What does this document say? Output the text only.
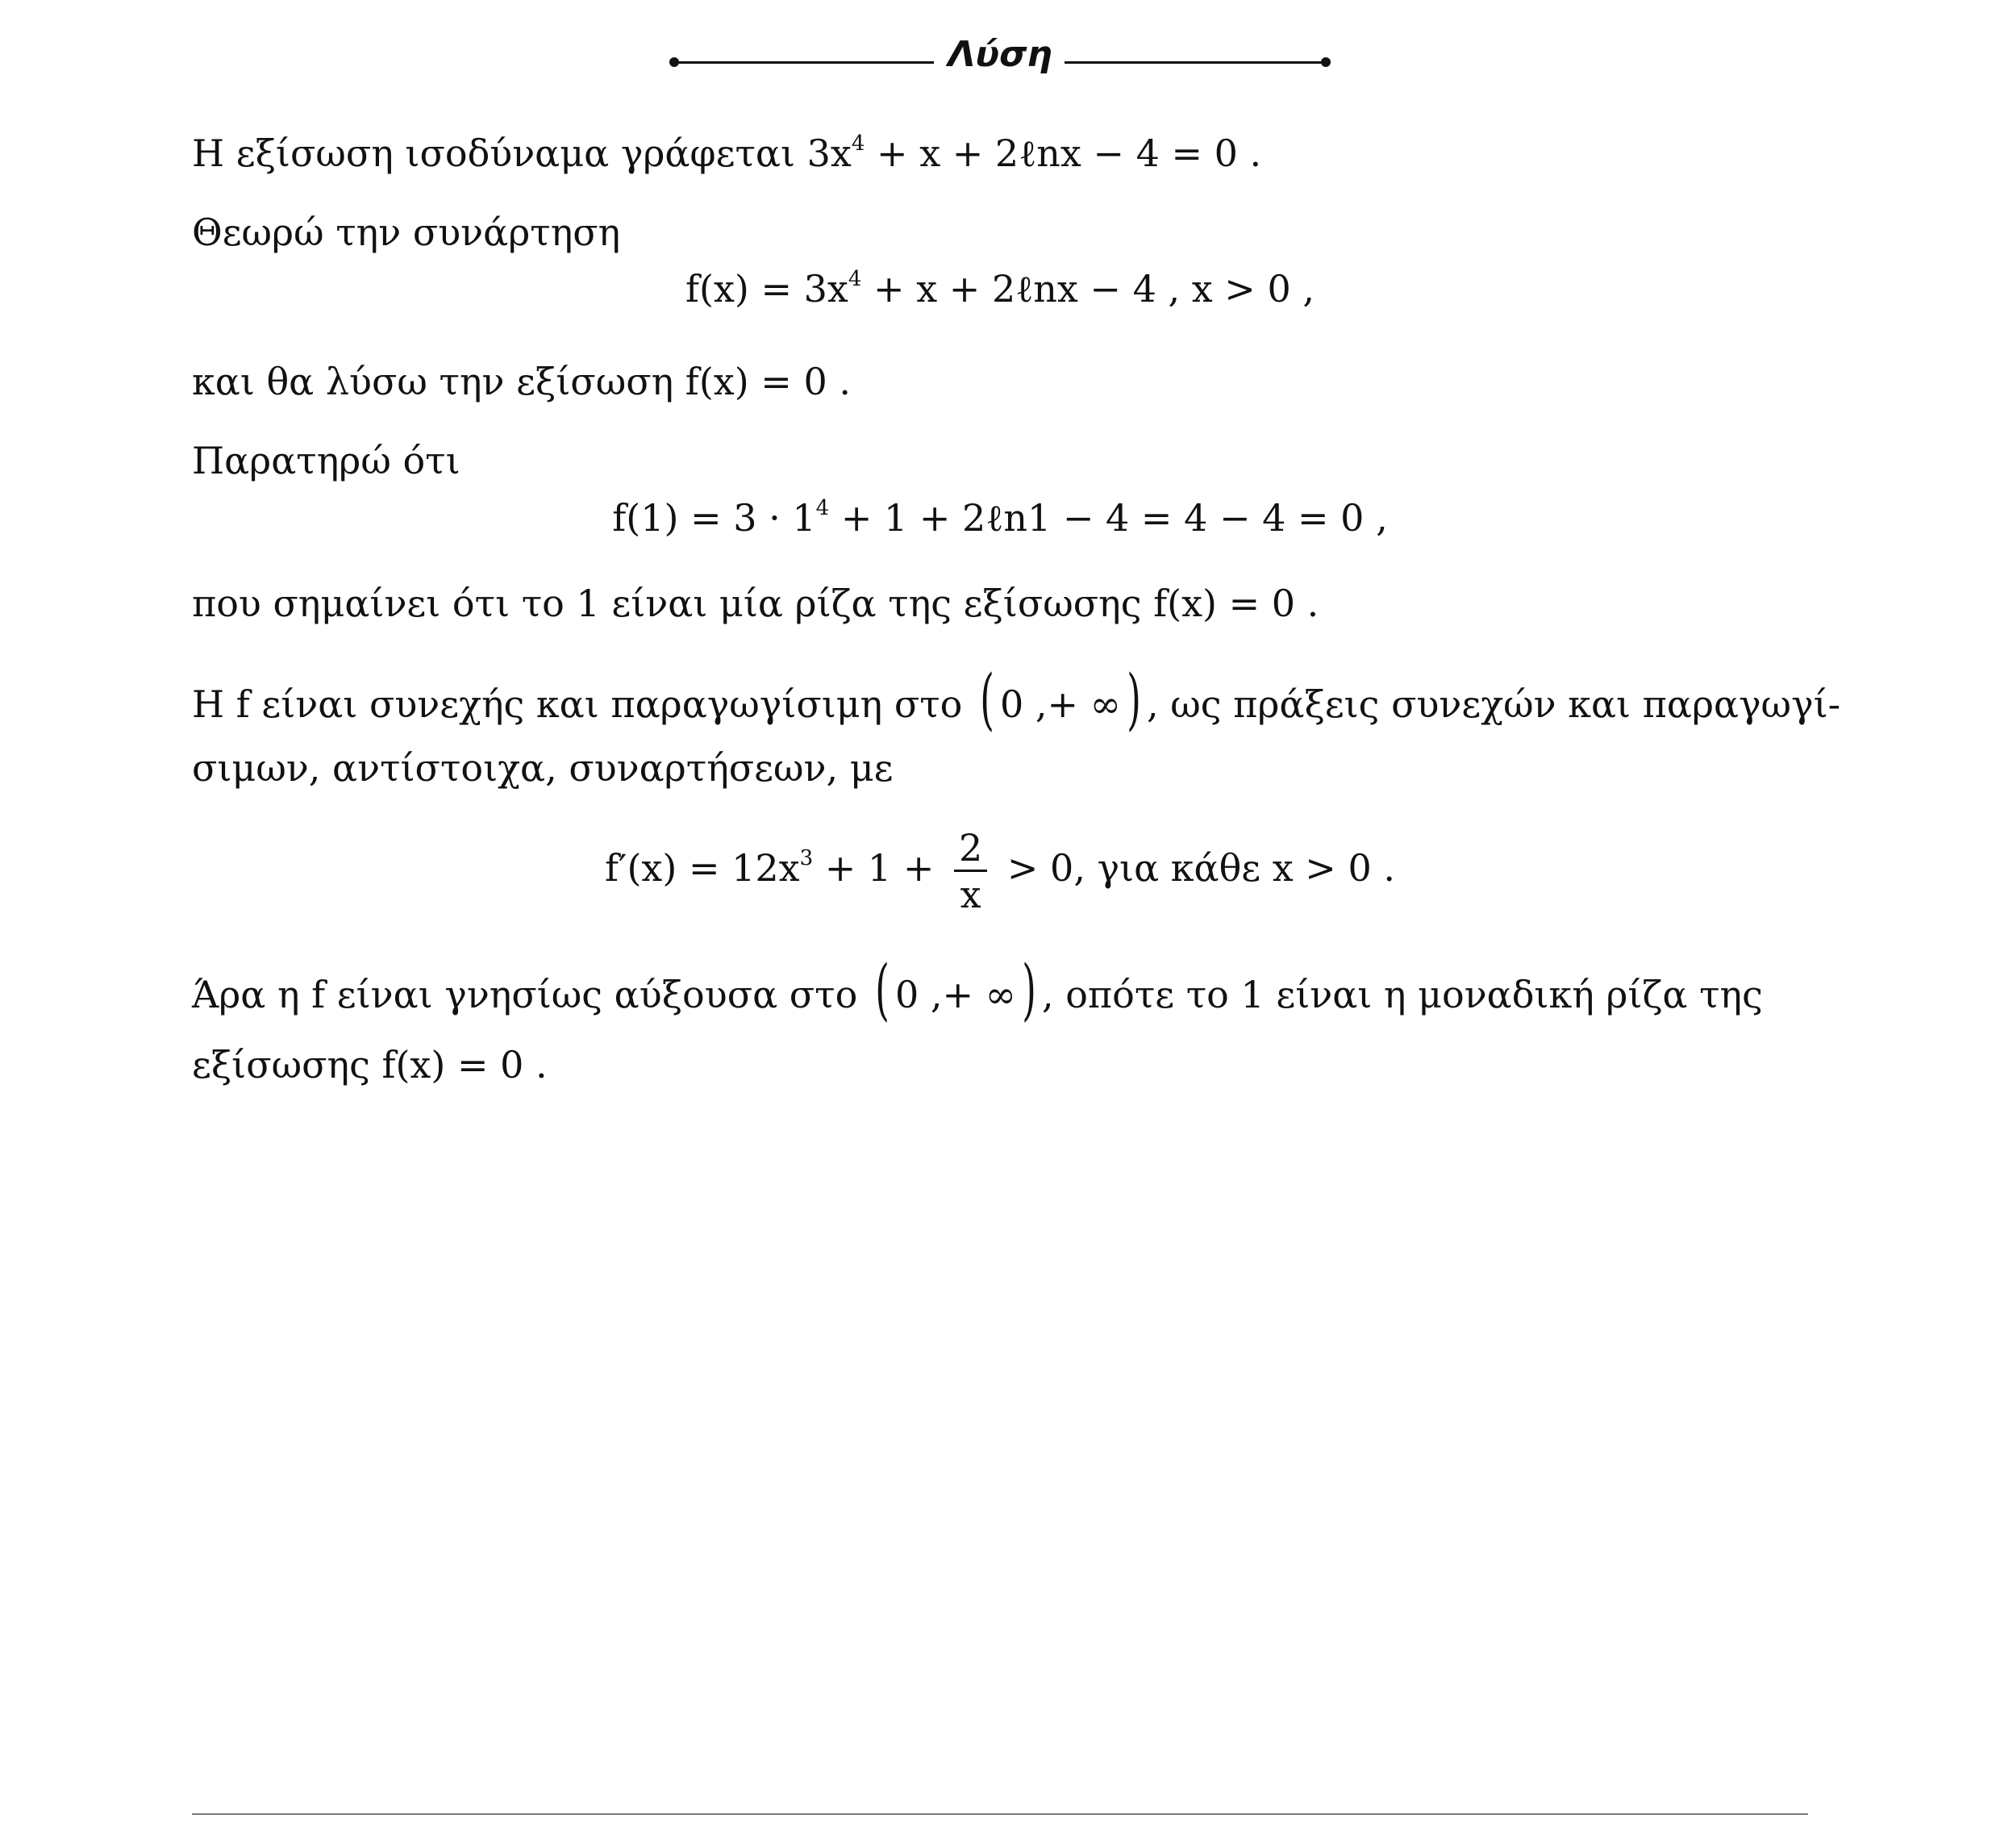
Λύση
Η εξίσωση ισοδύναμα γράφεται $3x^4 + x$ + 2ℓnx − 4 = 0 .
Θεωρώ την συνάρτηση
$f(x) = 3x^4 + x$ + 2ℓnx − 4 , x > 0 ,
και θα λύσω την εξίσωση f(x) = 0 .
Παρατηρώ ότι
$f(1) = 3 \cdot 1^4 + 1$ + 2ℓn1 − 4 = 4 − 4 = 0 ,
που σημαίνει ότι το 1 είναι μία ρίζα της εξίσωσης f(x) = 0 .
Η f είναι συνεχής και παραγωγίσιμη στο ( 0 ,+ ∞) , ως πράξεις συνεχών και παραγωγί-
σιμων, αντίστοιχα, συναρτήσεων, με
$f'(x) = 12x^3 + 1 + \frac{2}{x} > 0$, για κάθε x > 0 .
Άρα η f είναι γνησίως αύξουσα στο ( 0 ,+ ∞) , οπότε το 1 είναι η μοναδική ρίζα της
εξίσωσης f(x) = 0 .
